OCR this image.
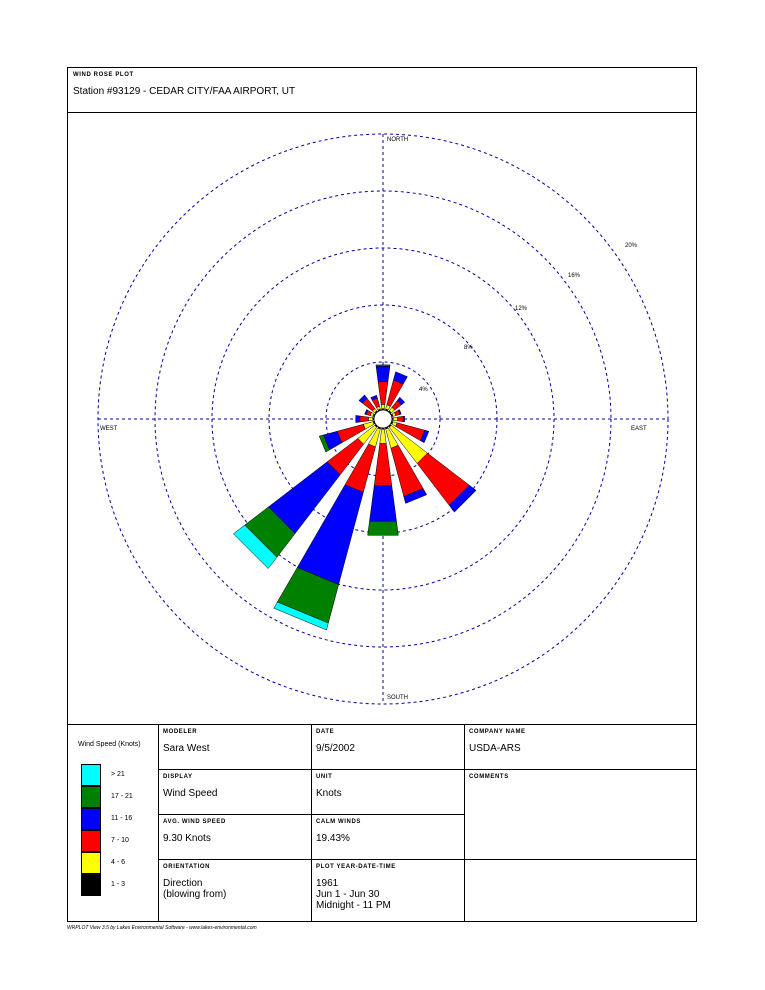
WIND ROSE PLOT
Station #93129 - CEDAR CITY/FAA AIRPORT, UT
NORTH
SOUTH
EAST
WEST
4%
8%
12%
16%
20%
Wind Speed (Knots)
> 21
17 - 21
11 - 16
7 - 10
4 - 6
1 - 3
MODELER
Sara West
DATE
9/5/2002
COMPANY NAME
USDA-ARS
DISPLAY
Wind Speed
UNIT
Knots
COMMENTS
AVG. WIND SPEED
9.30 Knots
CALM WINDS
19.43%
ORIENTATION
Direction
(blowing from)
PLOT YEAR-DATE-TIME
1961
Jun 1 - Jun 30
Midnight - 11 PM
WRPLOT View 3.5 by Lakes Environmental Software - www.lakes-environmental.com
